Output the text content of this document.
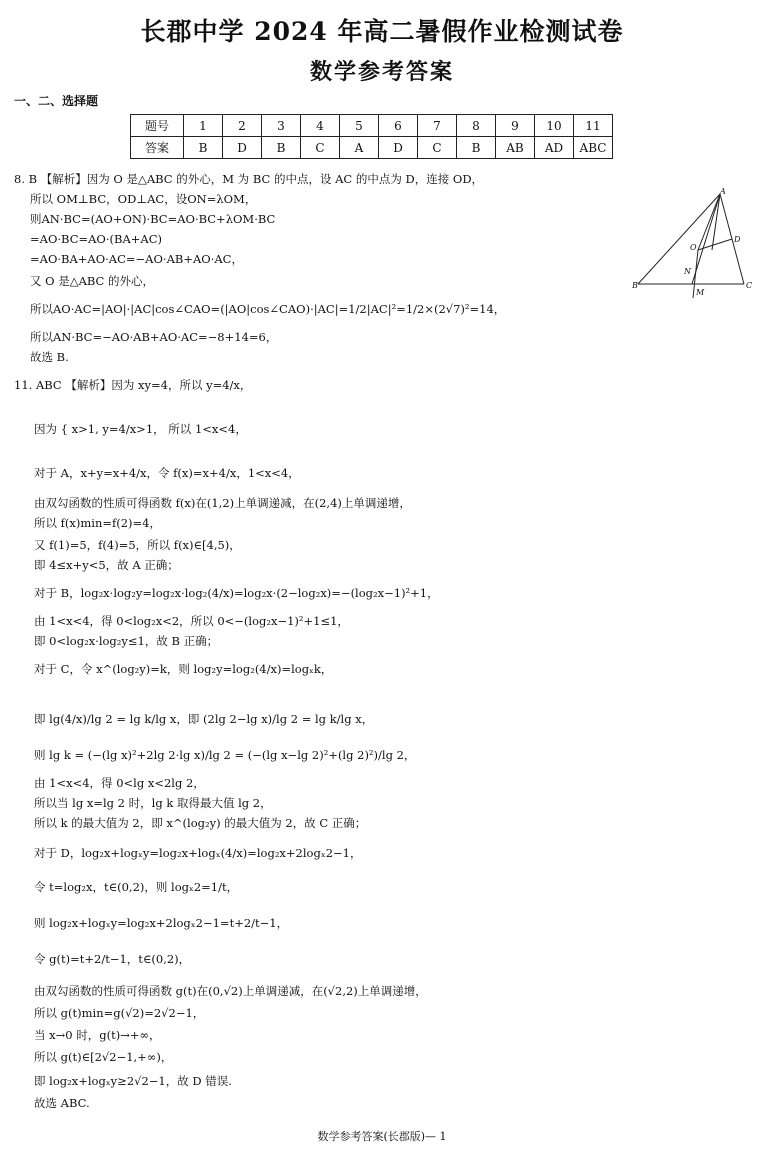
长郡中学 2024 年高二暑假作业检测试卷
数学参考答案
一、二、选择题
题号	1	2	3	4	5	6	7	8	9	10	11
答案	B	D	B	C	A	D	C	B	AB	AD	ABC
8. B 【解析】因为 O 是△ABC 的外心，M 为 BC 的中点，设 AC 的中点为 D，连接 OD，
所以 OM⊥BC，OD⊥AC，设ON=λOM，
则AN·BC=(AO+ON)·BC=AO·BC+λOM·BC
=AO·BC=AO·(BA+AC)
=AO·BA+AO·AC=−AO·AB+AO·AC，
又 O 是△ABC 的外心，
所以AO·AC=|AO|·|AC|cos∠CAO=(|AO|cos∠CAO)·|AC|=1/2|AC|²=1/2×(2√7)²=14，
所以AN·BC=−AO·AB+AO·AC=−8+14=6，
故选 B.
A
B	C
D
O
N
M
11. ABC 【解析】因为 xy=4，所以 y=4/x，
因为 { x>1, y=4/x>1， 所以 1<x<4，
对于 A，x+y=x+4/x，令 f(x)=x+4/x，1<x<4，
由双勾函数的性质可得函数 f(x)在(1,2)上单调递减，在(2,4)上单调递增，
所以 f(x)min=f(2)=4，
又 f(1)=5，f(4)=5，所以 f(x)∈[4,5)，
即 4≤x+y<5，故 A 正确；
对于 B，log₂x·log₂y=log₂x·log₂(4/x)=log₂x·(2−log₂x)=−(log₂x−1)²+1，
由 1<x<4，得 0<log₂x<2，所以 0<−(log₂x−1)²+1≤1，
即 0<log₂x·log₂y≤1，故 B 正确；
对于 C，令 x^(log₂y)=k，则 log₂y=log₂(4/x)=logₓk，
即 lg(4/x)/lg 2 = lg k/lg x，即 (2lg 2−lg x)/lg 2 = lg k/lg x，
则 lg k = (−(lg x)²+2lg 2·lg x)/lg 2 = (−(lg x−lg 2)²+(lg 2)²)/lg 2，
由 1<x<4，得 0<lg x<2lg 2，
所以当 lg x=lg 2 时，lg k 取得最大值 lg 2，
所以 k 的最大值为 2，即 x^(log₂y) 的最大值为 2，故 C 正确；
对于 D，log₂x+logₓy=log₂x+logₓ(4/x)=log₂x+2logₓ2−1，
令 t=log₂x，t∈(0,2)，则 logₓ2=1/t，
则 log₂x+logₓy=log₂x+2logₓ2−1=t+2/t−1，
令 g(t)=t+2/t−1，t∈(0,2)，
由双勾函数的性质可得函数 g(t)在(0,√2)上单调递减，在(√2,2)上单调递增，
所以 g(t)min=g(√2)=2√2−1，
当 x→0 时，g(t)→+∞，
所以 g(t)∈[2√2−1,+∞)，
即 log₂x+logₓy≥2√2−1，故 D 错误.
故选 ABC.
数学参考答案(长郡版)— 1
